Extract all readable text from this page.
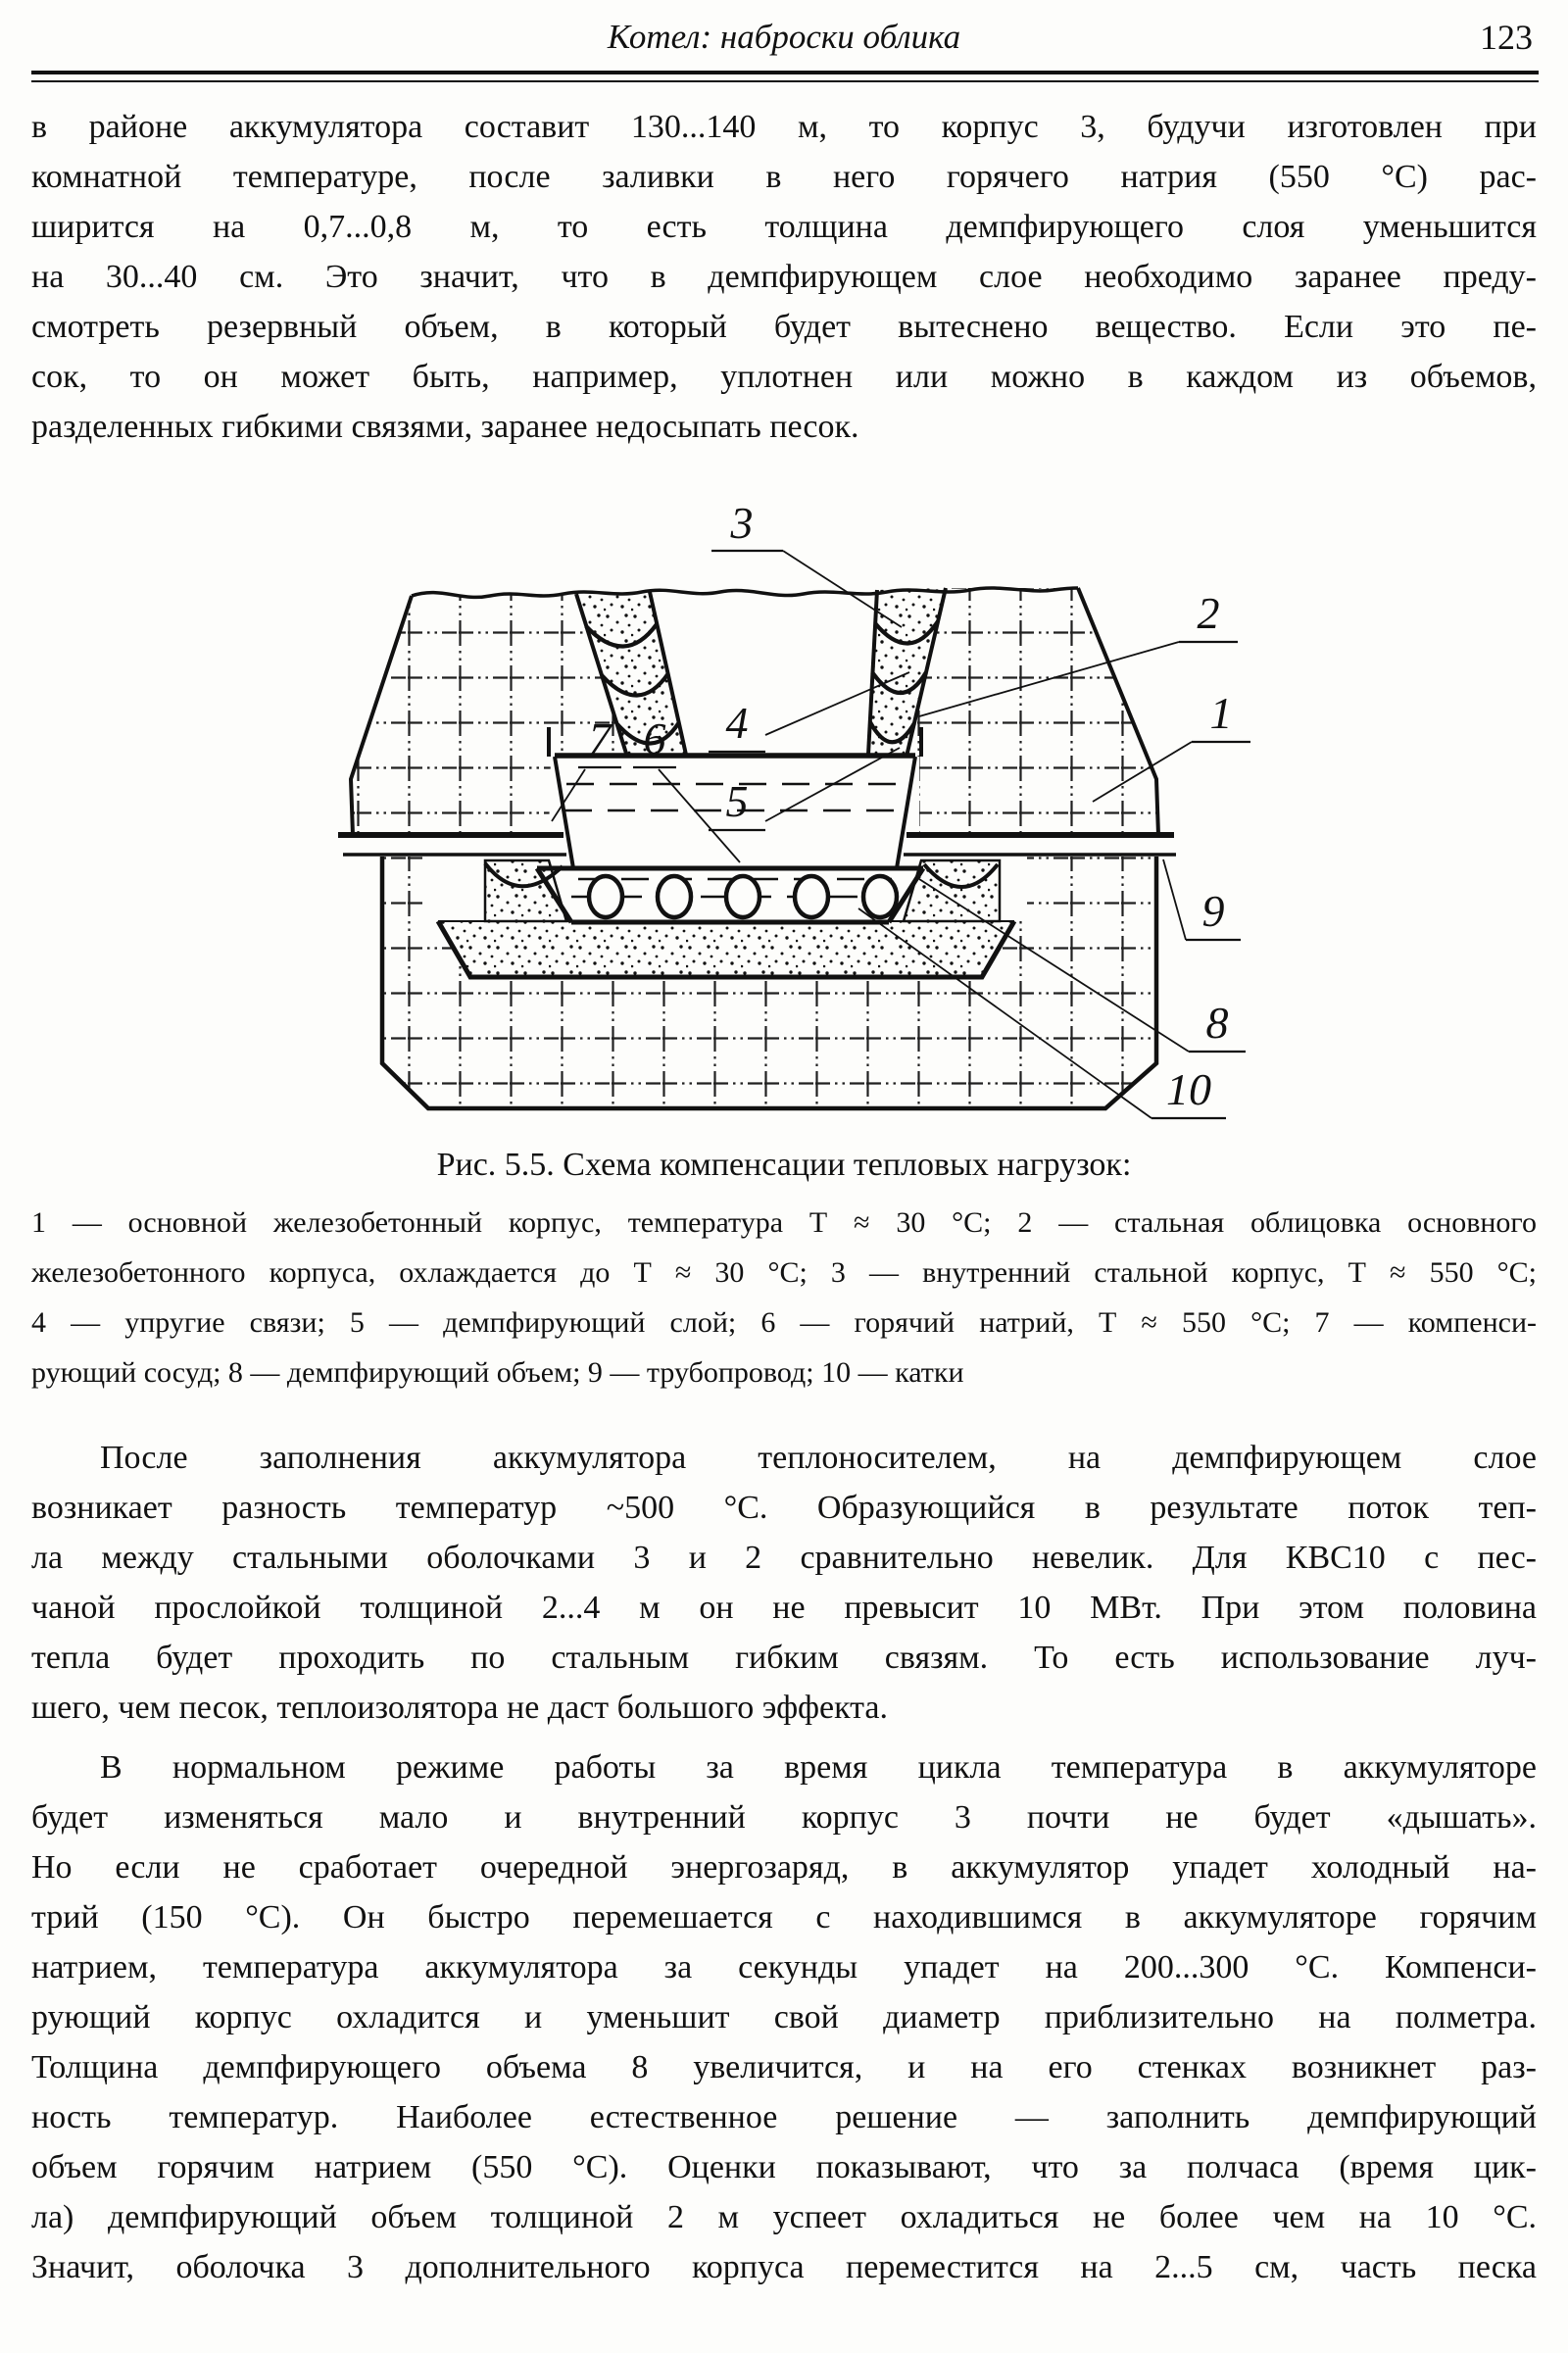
Котел: наброски облика	123
в районе аккумулятора составит 130...140 м, то корпус 3, будучи изготовлен при
комнатной температуре, после заливки в него горячего натрия (550 °С) рас-
ширится на 0,7...0,8 м, то есть толщина демпфирующего слоя уменьшится
на 30...40 см. Это значит, что в демпфирующем слое необходимо заранее преду-
смотреть резервный объем, в который будет вытеснено вещество. Если это пе-
сок, то он может быть, например, уплотнен или можно в каждом из объемов,
разделенных гибкими связями, заранее недосыпать песок.
3
2
1
4
5
7 6
9
8
10
Рис. 5.5. Схема компенсации тепловых нагрузок:
1 — основной железобетонный корпус, температура Т ≈ 30 °С; 2 — стальная облицовка основного
железобетонного корпуса, охлаждается до Т ≈ 30 °С; 3 — внутренний стальной корпус, Т ≈ 550 °С;
4 — упругие связи; 5 — демпфирующий слой; 6 — горячий натрий, Т ≈ 550 °С; 7 — компенси-
рующий сосуд; 8 — демпфирующий объем; 9 — трубопровод; 10 — катки
После заполнения аккумулятора теплоносителем, на демпфирующем слое
возникает разность температур ~500 °С. Образующийся в результате поток теп-
ла между стальными оболочками 3 и 2 сравнительно невелик. Для КВС10 с пес-
чаной прослойкой толщиной 2...4 м он не превысит 10 МВт. При этом половина
тепла будет проходить по стальным гибким связям. То есть использование луч-
шего, чем песок, теплоизолятора не даст большого эффекта.
В нормальном режиме работы за время цикла температура в аккумуляторе
будет изменяться мало и внутренний корпус 3 почти не будет «дышать».
Но если не сработает очередной энергозаряд, в аккумулятор упадет холодный на-
трий (150 °С). Он быстро перемешается с находившимся в аккумуляторе горячим
натрием, температура аккумулятора за секунды упадет на 200...300 °С. Компенси-
рующий корпус охладится и уменьшит свой диаметр приблизительно на полметра.
Толщина демпфирующего объема 8 увеличится, и на его стенках возникнет раз-
ность температур. Наиболее естественное решение — заполнить демпфирующий
объем горячим натрием (550 °С). Оценки показывают, что за полчаса (время цик-
ла) демпфирующий объем толщиной 2 м успеет охладиться не более чем на 10 °С.
Значит, оболочка 3 дополнительного корпуса переместится на 2...5 см, часть песка
